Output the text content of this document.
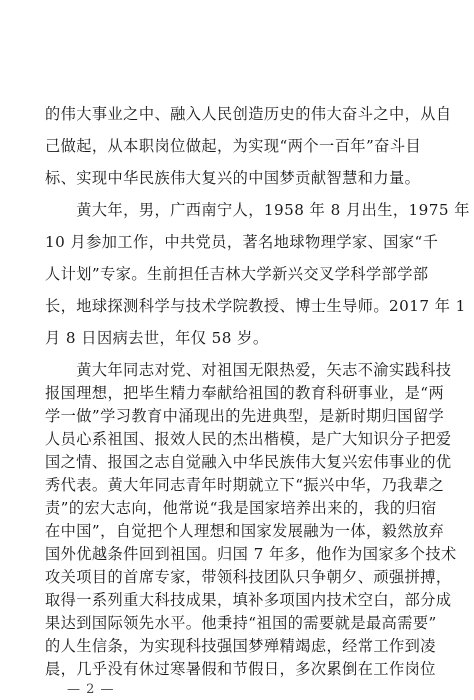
的伟大事业之中、融入人民创造历史的伟大奋斗之中，从自
己做起，从本职岗位做起，为实现“两个一百年”奋斗目
标、实现中华民族伟大复兴的中国梦贡献智慧和力量。
　　黄大年，男，广西南宁人，1958 年 8 月出生，1975 年
10 月参加工作，中共党员，著名地球物理学家、国家“千
人计划”专家。生前担任吉林大学新兴交叉学科学部学部
长，地球探测科学与技术学院教授、博士生导师。2017 年 1
月 8 日因病去世，年仅 58 岁。
　　黄大年同志对党、对祖国无限热爱，矢志不渝实践科技
报国理想，把毕生精力奉献给祖国的教育科研事业，是“两
学一做”学习教育中涌现出的先进典型，是新时期归国留学
人员心系祖国、报效人民的杰出楷模，是广大知识分子把爱
国之情、报国之志自觉融入中华民族伟大复兴宏伟事业的优
秀代表。黄大年同志青年时期就立下“振兴中华，乃我辈之
责”的宏大志向，他常说“我是国家培养出来的，我的归宿
在中国”，自觉把个人理想和国家发展融为一体，毅然放弃
国外优越条件回到祖国。归国 7 年多，他作为国家多个技术
攻关项目的首席专家，带领科技团队只争朝夕、顽强拼搏，
取得一系列重大科技成果，填补多项国内技术空白，部分成
果达到国际领先水平。他秉持“祖国的需要就是最高需要”
的人生信条，为实现科技强国梦殚精竭虑，经常工作到凌
— 2 —
晨，几乎没有休过寒暑假和节假日，多次累倒在工作岗位
